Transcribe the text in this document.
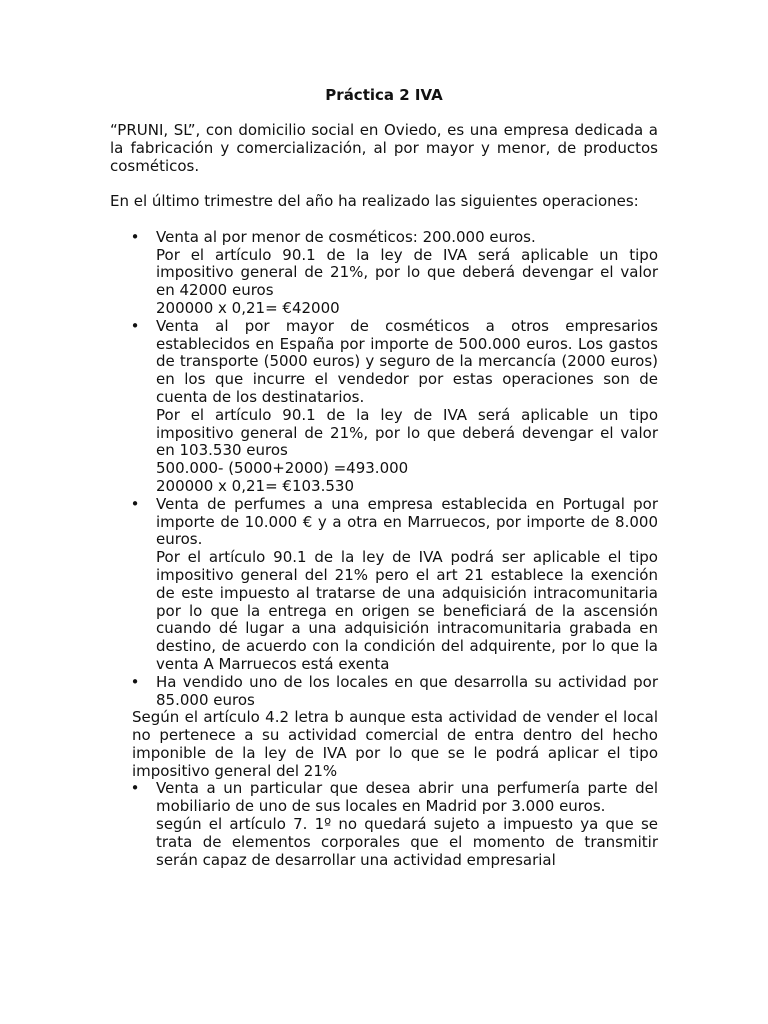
Práctica 2 IVA

“PRUNI, SL”, con domicilio social en Oviedo, es una empresa dedicada a la fabricación y comercialización, al por mayor y menor, de productos cosméticos.

En el último trimestre del año ha realizado las siguientes operaciones:

• Venta al por menor de cosméticos: 200.000 euros.

Por el artículo 90.1 de la ley de IVA será aplicable un tipo impositivo general de 21%, por lo que deberá devengar el valor en 42000 euros

200000 x 0,21= €42000

• Venta al por mayor de cosméticos a otros empresarios establecidos en España por importe de 500.000 euros. Los gastos de transporte (5000 euros) y seguro de la mercancía (2000 euros) en los que incurre el vendedor por estas operaciones son de cuenta de los destinatarios.

Por el artículo 90.1 de la ley de IVA será aplicable un tipo impositivo general de 21%, por lo que deberá devengar el valor en 103.530 euros

500.000- (5000+2000) =493.000

200000 x 0,21= €103.530

• Venta de perfumes a una empresa establecida en Portugal por importe de 10.000 € y a otra en Marruecos, por importe de 8.000 euros.

Por el artículo 90.1 de la ley de IVA podrá ser aplicable el tipo impositivo general del 21% pero el art 21 establece la exención de este impuesto al tratarse de una adquisición intracomunitaria por lo que la entrega en origen se beneficiará de la ascensión cuando dé lugar a una adquisición intracomunitaria grabada en destino, de acuerdo con la condición del adquirente, por lo que la venta A Marruecos está exenta

• Ha vendido uno de los locales en que desarrolla su actividad por 85.000 euros

Según el artículo 4.2 letra b aunque esta actividad de vender el local no pertenece a su actividad comercial de entra dentro del hecho imponible de la ley de IVA por lo que se le podrá aplicar el tipo impositivo general del 21%

• Venta a un particular que desea abrir una perfumería parte del mobiliario de uno de sus locales en Madrid por 3.000 euros.

según el artículo 7. 1º no quedará sujeto a impuesto ya que se trata de elementos corporales que el momento de transmitir serán capaz de desarrollar una actividad empresarial
